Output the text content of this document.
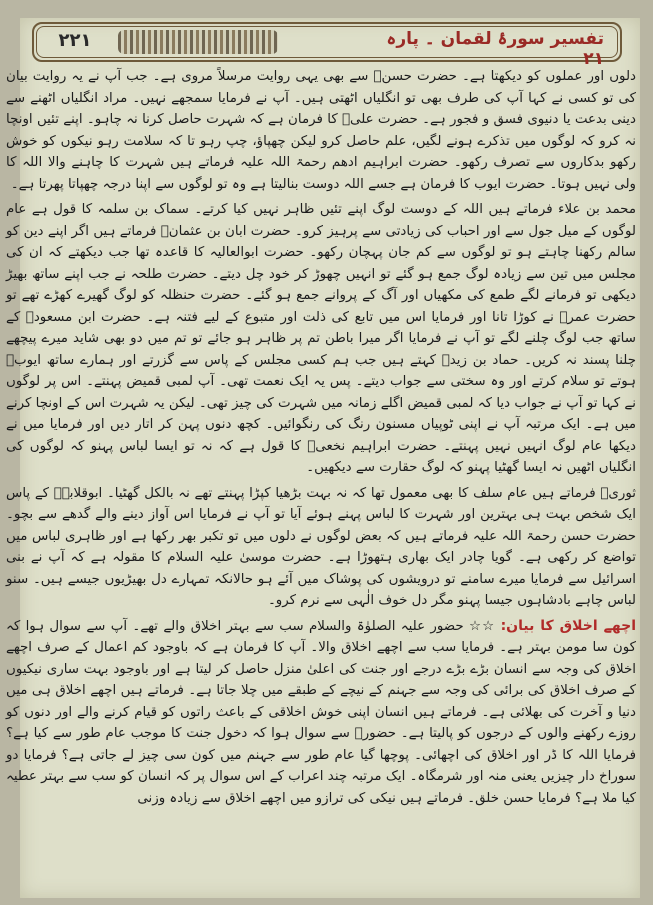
۲۲۱	تفسیر سورۂ لقمان ۔ پارہ ۲۱

دلوں اور عملوں کو دیکھتا ہے۔ حضرت حسنؓ سے بھی یہی روایت مرسلاً مروی ہے۔ جب آپ نے یہ روایت بیان کی تو کسی نے کہا آپ کی طرف بھی تو انگلیاں اٹھتی ہیں۔ آپ نے فرمایا سمجھے نہیں۔ مراد انگلیاں اٹھنے سے دینی بدعت یا دنیوی فسق و فجور ہے۔ حضرت علیؓ کا فرمان ہے کہ شہرت حاصل کرنا نہ چاہو۔ اپنے تئیں اونچا نہ کرو کہ لوگوں میں تذکرے ہونے لگیں، علم حاصل کرو لیکن چھپاؤ، چپ رہو تا کہ سلامت رہو نیکوں کو خوش رکھو بدکاروں سے تصرف رکھو۔ حضرت ابراہیم ادھم رحمۃ اللہ علیہ فرماتے ہیں شہرت کا چاہنے والا اللہ کا ولی نہیں ہوتا۔ حضرت ایوب کا فرمان ہے جسے اللہ دوست بنالیتا ہے وہ تو لوگوں سے اپنا درجہ چھپاتا پھرتا ہے۔

محمد بن علاء فرماتے ہیں اللہ کے دوست لوگ اپنے تئیں ظاہر نہیں کیا کرتے۔ سماک بن سلمہ کا قول ہے عام لوگوں کے میل جول سے اور احباب کی زیادتی سے پرہیز کرو۔ حضرت ابان بن عثمانؓ فرماتے ہیں اگر اپنے دین کو سالم رکھنا چاہتے ہو تو لوگوں سے کم جان پہچان رکھو۔ حضرت ابوالعالیہ کا قاعدہ تھا جب دیکھتے کہ ان کی مجلس میں تین سے زیادہ لوگ جمع ہو گئے تو انہیں چھوڑ کر خود چل دیتے۔ حضرت طلحہ نے جب اپنے ساتھ بھیڑ دیکھی تو فرمانے لگے طمع کی مکھیاں اور آگ کے پروانے جمع ہو گئے۔ حضرت حنظلہ کو لوگ گھیرے کھڑے تھے تو حضرت عمرؓ نے کوڑا تانا اور فرمایا اس میں تابع کی ذلت اور متبوع کے لیے فتنہ ہے۔ حضرت ابن مسعودؓ کے ساتھ جب لوگ چلنے لگے تو آپ نے فرمایا اگر میرا باطن تم پر ظاہر ہو جائے تو تم میں دو بھی شاید میرے پیچھے چلنا پسند نہ کریں۔ حماد بن زیدؒ کہتے ہیں جب ہم کسی مجلس کے پاس سے گزرتے اور ہمارے ساتھ ایوبؒ ہوتے تو سلام کرتے اور وہ سختی سے جواب دیتے۔ پس یہ ایک نعمت تھی۔ آپ لمبی قمیض پہنتے۔ اس پر لوگوں نے کہا تو آپ نے جواب دیا کہ لمبی قمیض اگلے زمانہ میں شہرت کی چیز تھی۔ لیکن یہ شہرت اس کے اونچا کرنے میں ہے۔ ایک مرتبہ آپ نے اپنی ٹوپیاں مسنون رنگ کی رنگوائیں۔ کچھ دنوں پہن کر اتار دیں اور فرمایا میں نے دیکھا عام لوگ انہیں نہیں پہنتے۔ حضرت ابراہیم نخعیؒ کا قول ہے کہ نہ تو ایسا لباس پہنو کہ لوگوں کی انگلیاں اٹھیں نہ ایسا گھٹیا پہنو کہ لوگ حقارت سے دیکھیں۔

ثوریؒ فرماتے ہیں عام سلف کا بھی معمول تھا کہ نہ بہت بڑھیا کپڑا پہنتے تھے نہ بالکل گھٹیا۔ ابوقلابہؒ کے پاس ایک شخص بہت ہی بہترین اور شہرت کا لباس پہنے ہوئے آیا تو آپ نے فرمایا اس آواز دینے والے گدھے سے بچو۔ حضرت حسن رحمۃ اللہ علیہ فرماتے ہیں کہ بعض لوگوں نے دلوں میں تو تکبر بھر رکھا ہے اور ظاہری لباس میں تواضع کر رکھی ہے۔ گویا چادر ایک بھاری ہتھوڑا ہے۔ حضرت موسیٰ علیہ السلام کا مقولہ ہے کہ آپ نے بنی اسرائیل سے فرمایا میرے سامنے تو درویشوں کی پوشاک میں آئے ہو حالانکہ تمہارے دل بھیڑیوں جیسے ہیں۔ سنو لباس چاہے بادشاہوں جیسا پہنو مگر دل خوف الٰہی سے نرم کرو۔

اچھے اخلاق کا بیان: ☆☆ حضور علیہ الصلوٰۃ والسلام سب سے بہتر اخلاق والے تھے۔ آپ سے سوال ہوا کہ کون سا مومن بہتر ہے۔ فرمایا سب سے اچھے اخلاق والا۔ آپ کا فرمان ہے کہ باوجود کم اعمال کے صرف اچھے اخلاق کی وجہ سے انسان بڑے بڑے درجے اور جنت کی اعلیٰ منزل حاصل کر لیتا ہے اور باوجود بہت ساری نیکیوں کے صرف اخلاق کی برائی کی وجہ سے جہنم کے نیچے کے طبقے میں چلا جاتا ہے۔ فرماتے ہیں اچھے اخلاق ہی میں دنیا و آخرت کی بھلائی ہے۔ فرماتے ہیں انسان اپنی خوش اخلاقی کے باعث راتوں کو قیام کرنے والے اور دنوں کو روزے رکھنے والوں کے درجوں کو پالیتا ہے۔ حضورؐ سے سوال ہوا کہ دخول جنت کا موجب عام طور سے کیا ہے؟ فرمایا اللہ کا ڈر اور اخلاق کی اچھائی۔ پوچھا گیا عام طور سے جہنم میں کون سی چیز لے جاتی ہے؟ فرمایا دو سوراخ دار چیزیں یعنی منہ اور شرمگاہ۔ ایک مرتبہ چند اعراب کے اس سوال پر کہ انسان کو سب سے بہتر عطیہ کیا ملا ہے؟ فرمایا حسن خلق۔ فرماتے ہیں نیکی کی ترازو میں اچھے اخلاق سے زیادہ وزنی
